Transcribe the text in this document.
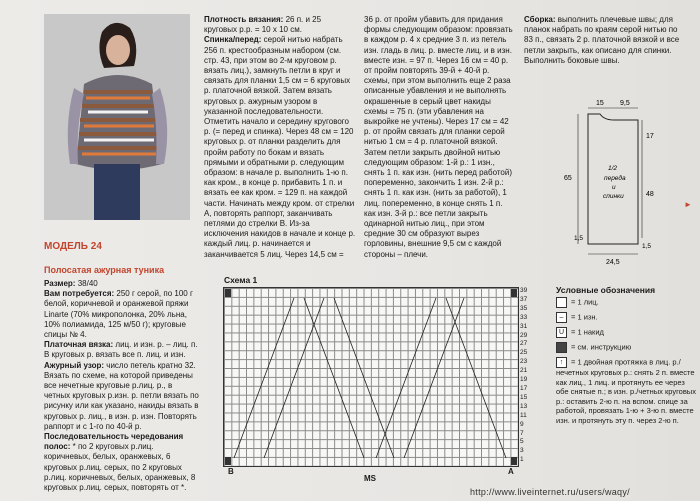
МОДЕЛЬ 24
Полосатая ажурная туника

Размер: 38/40

Вам потребуется: 250 г серой, по 100 г белой, коричневой и оранжевой пряжи Linarte (70% микрополонка, 20% льна, 10% полиамида, 125 м/50 г); круговые спицы № 4.

Платочная вязка: лиц. и изн. р. – лиц. п. В круговых р. вязать все п. лиц. и изн.

Ажурный узор: число петель кратно 32. Вязать по схеме, на которой приведены все нечетные круговые р.лиц. р., в четных круговых р.изн. р. петли вязать по рисунку или как указано, накиды вязать в круговых р. лиц., в изн. р. изн. Повторять раппорт и с 1-го по 40-й р.

Последовательность чередования полос: * по 2 круговых р.лиц. коричневых, белых, оранжевых, 6 круговых р.лиц. серых, по 2 круговых р.лиц. коричневых, белых, оранжевых, 8 круговых р.лиц. серых, повторять от *.

Плотность вязания: 26 п. и 25 круговых р.р. = 10 х 10 см.

Спинка/перед: серой нитью набрать 256 п. крестообразным набором (см. стр. 43, при этом во 2-м круговом р. вязать лиц.), замкнуть петли в круг и связать для планки 1,5 см = 6 круговых р. платочной вязкой. Затем вязать круговых р. ажурным узором в указанной последовательности. Отметить начало и середину кругового р. (= перед и спинка). Через 48 см = 120 круговых р. от планки разделить для пройм работу по бокам и вязать прямыми и обратными р. следующим образом: в начале р. выполнить 1-ю п. как кром., в конце р. прибавить 1 п. и вязать ее как кром. = 129 п. на каждой части. Начинать между кром. от стрелки А, повторять раппорт, заканчивать петлями до стрелки В. Из-за исключения накидов в начале и конце р. каждый лиц. р. начинается и заканчивается 5 лиц. Через 14,5 см =

36 р. от пройм убавить для придания формы следующим образом: провязать в каждом р. 4 х средние 3 п. из петель изн. гладь в лиц. р. вместе лиц. и в изн. вместе изн. = 97 п. Через 16 см = 40 р. от пройм повторять 39-й + 40-й р. схемы, при этом выполнить еще 2 раза описанные убавления и не выполнять окрашенные в серый цвет накиды схемы = 75 п. (эти убавления на выкройке не учтены). Через 17 см = 42 р. от пройм связать для планки серой нитью 1 см = 4 р. платочной вязкой. Затем петли закрыть двойной нитью следующим образом: 1-й р.: 1 изн., снять 1 п. как изн. (нить перед работой) попеременно, закончить 1 изн. 2-й р.: снять 1 п. как изн. (нить за работой), 1 лиц. попеременно, в конце снять 1 п. как изн. 3-й р.: все петли закрыть одинарной нитью лиц., при этом средние 30 см образуют вырез горловины, внешние 9,5 см с каждой стороны – плечи.

Сборка: выполнить плечевые швы; для планок набрать по краям серой нитью по 83 п., связать 2 р. платочной вязкой и все петли закрыть, как описано для спинки. Выполнить боковые швы.

15 9,5
17
65
48
1/2
переда
и
спинки
1,5
1,5
24,5
►
Схема 1
39
37
35
33
31
29
27
25
23
21
19
17
15
13
11
9
7
5
3
1
B
MS
A
Условные обозначения
= 1 лиц.
– = 1 изн.
U = 1 накид
= см. инструкцию
↑ = 1 двойная протяжка в лиц. р./нечетных круговых р.: снять 2 п. вместе как лиц., 1 лиц. и протянуть ее через обе снятые п.; в изн. р./четных круговых р.: оставить 2-ю п. на вспом. спице за работой, провязать 1-ю + 3-ю п. вместе изн. и протянуть эту п. через 2-ю п.
http://www.liveinternet.ru/users/waqy/
